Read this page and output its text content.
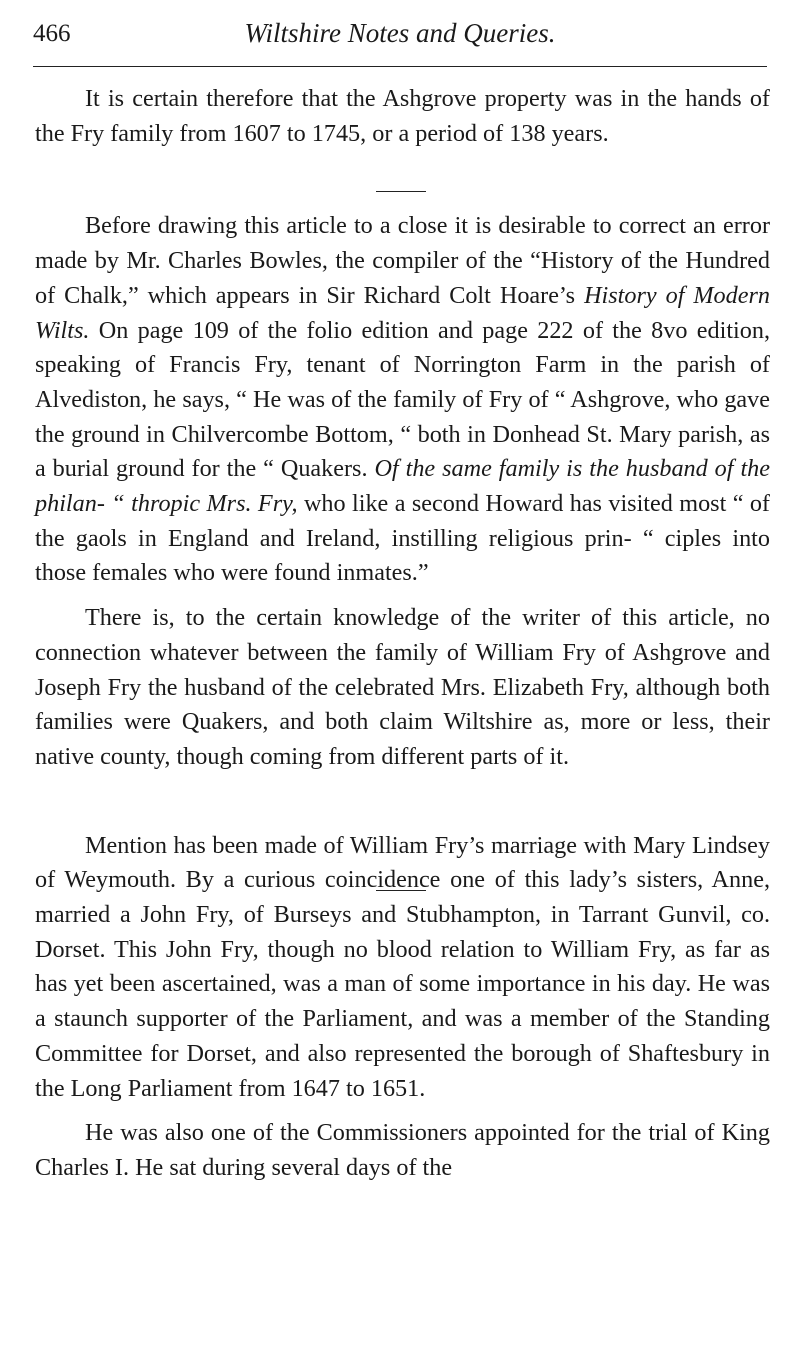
466	Wiltshire Notes and Queries.

It is certain therefore that the Ashgrove property was in the hands of the Fry family from 1607 to 1745, or a period of 138 years.

Before drawing this article to a close it is desirable to correct an error made by Mr. Charles Bowles, the compiler of the “History of the Hundred of Chalk,” which appears in Sir Richard Colt Hoare’s History of Modern Wilts. On page 109 of the folio edition and page 222 of the 8vo edition, speaking of Francis Fry, tenant of Norrington Farm in the parish of Alvediston, he says, “ He was of the family of Fry of “ Ashgrove, who gave the ground in Chilvercombe Bottom, “ both in Donhead St. Mary parish, as a burial ground for the “ Quakers. Of the same family is the husband of the philan- “ thropic Mrs. Fry, who like a second Howard has visited most “ of the gaols in England and Ireland, instilling religious prin- “ ciples into those females who were found inmates.”

There is, to the certain knowledge of the writer of this article, no connection whatever between the family of William Fry of Ashgrove and Joseph Fry the husband of the celebrated Mrs. Elizabeth Fry, although both families were Quakers, and both claim Wiltshire as, more or less, their native county, though coming from different parts of it.

Mention has been made of William Fry’s marriage with Mary Lindsey of Weymouth. By a curious coincidence one of this lady’s sisters, Anne, married a John Fry, of Burseys and Stubhampton, in Tarrant Gunvil, co. Dorset. This John Fry, though no blood relation to William Fry, as far as has yet been ascertained, was a man of some importance in his day. He was a staunch supporter of the Parliament, and was a member of the Standing Committee for Dorset, and also represented the borough of Shaftesbury in the Long Parliament from 1647 to 1651.

He was also one of the Commissioners appointed for the trial of King Charles I. He sat during several days of the
